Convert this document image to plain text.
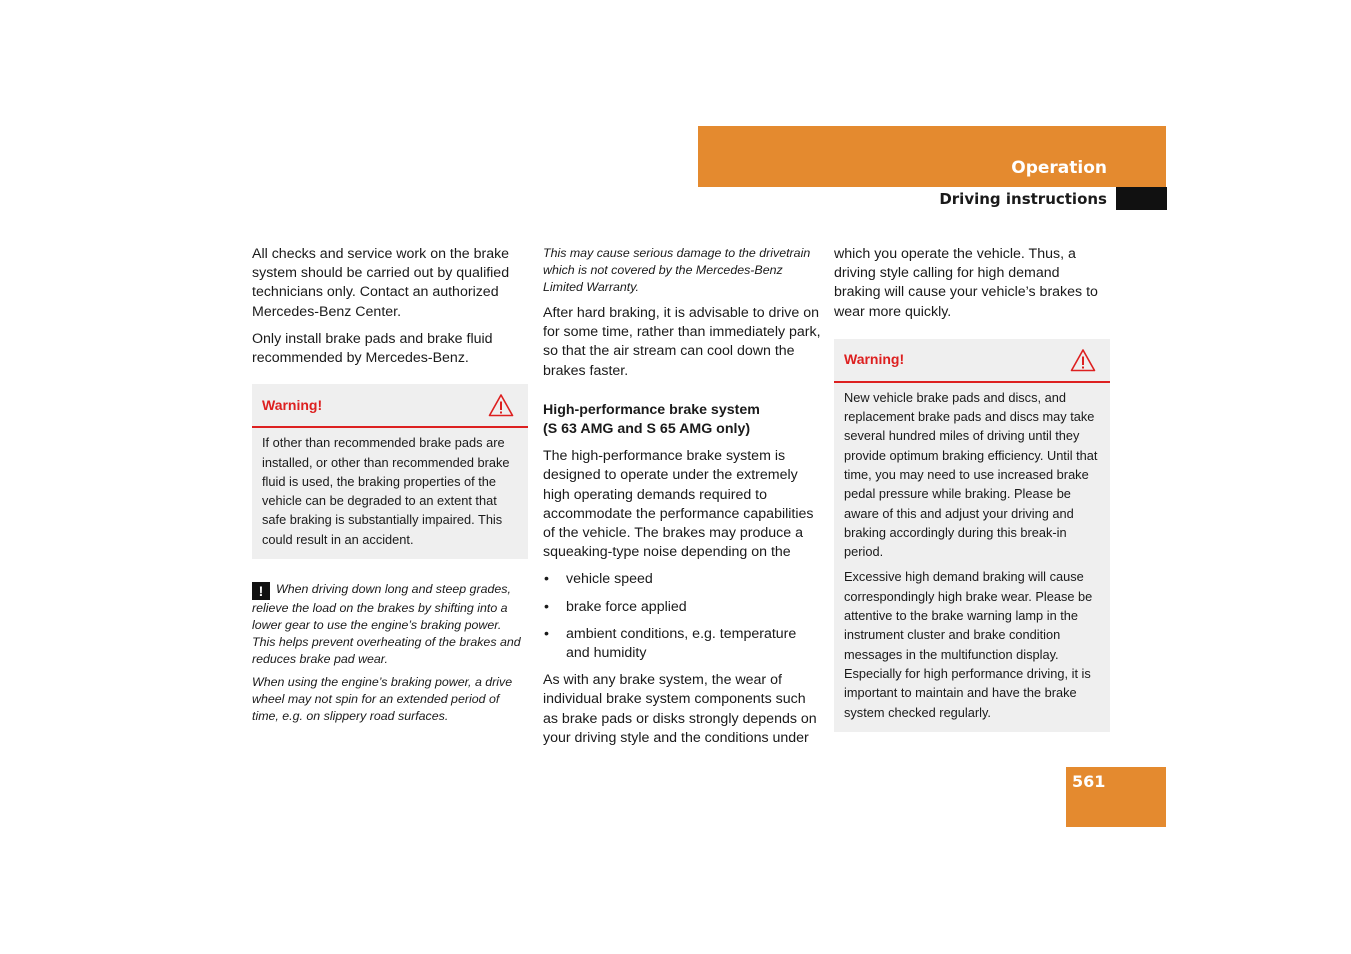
Operation
Driving instructions

All checks and service work on the brake system should be carried out by qualified technicians only. Contact an authorized Mercedes-Benz Center.

Only install brake pads and brake fluid recommended by Mercedes-Benz.

Warning!

If other than recommended brake pads are installed, or other than recommended brake fluid is used, the braking properties of the vehicle can be degraded to an extent that safe braking is substantially impaired. This could result in an accident.

! When driving down long and steep grades, relieve the load on the brakes by shifting into a lower gear to use the engine’s braking power. This helps prevent overheating of the brakes and reduces brake pad wear.

When using the engine’s braking power, a drive wheel may not spin for an extended period of time, e.g. on slippery road surfaces.

This may cause serious damage to the drivetrain which is not covered by the Mercedes-Benz Limited Warranty.

After hard braking, it is advisable to drive on for some time, rather than immediately park, so that the air stream can cool down the brakes faster.

High-performance brake system
(S 63 AMG and S 65 AMG only)

The high-performance brake system is designed to operate under the extremely high operating demands required to accommodate the performance capabilities of the vehicle. The brakes may produce a squeaking-type noise depending on the

• vehicle speed
• brake force applied
• ambient conditions, e.g. temperature and humidity

As with any brake system, the wear of individual brake system components such as brake pads or disks strongly depends on your driving style and the conditions under

which you operate the vehicle. Thus, a driving style calling for high demand braking will cause your vehicle’s brakes to wear more quickly.

Warning!

New vehicle brake pads and discs, and replacement brake pads and discs may take several hundred miles of driving until they provide optimum braking efficiency. Until that time, you may need to use increased brake pedal pressure while braking. Please be aware of this and adjust your driving and braking accordingly during this break-in period.

Excessive high demand braking will cause correspondingly high brake wear. Please be attentive to the brake warning lamp in the instrument cluster and brake condition messages in the multifunction display. Especially for high performance driving, it is important to maintain and have the brake system checked regularly.

561
